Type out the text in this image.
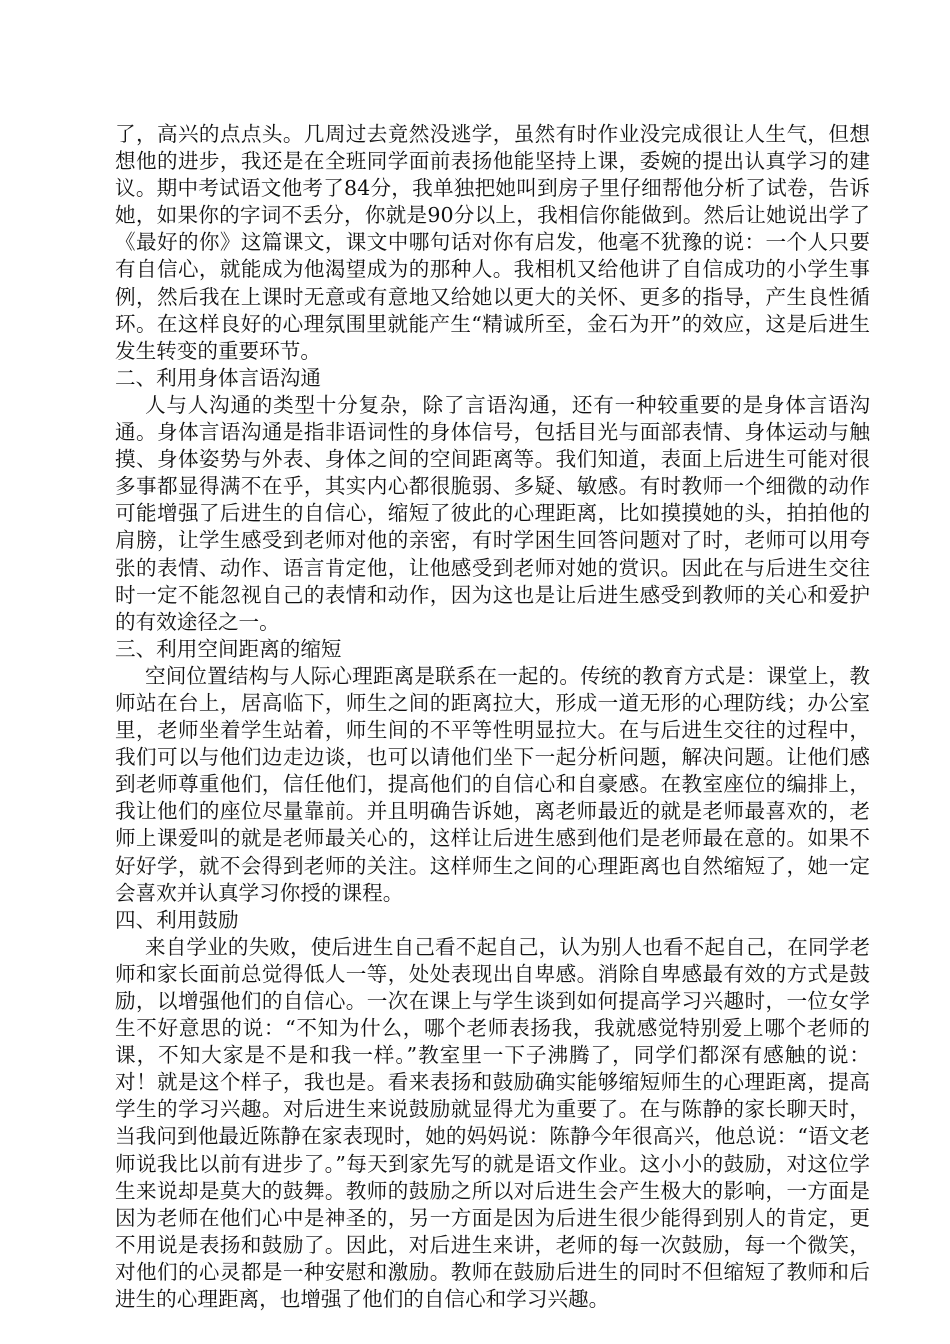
了，高兴的点点头。几周过去竟然没逃学，虽然有时作业没完成很让人生气，但想想他的进步，我还是在全班同学面前表扬他能坚持上课，委婉的提出认真学习的建议。期中考试语文他考了84分，我单独把她叫到房子里仔细帮他分析了试卷，告诉她，如果你的字词不丢分，你就是90分以上，我相信你能做到。然后让她说出学了《最好的你》这篇课文，课文中哪句话对你有启发，他毫不犹豫的说：一个人只要有自信心，就能成为他渴望成为的那种人。我相机又给他讲了自信成功的小学生事例，然后我在上课时无意或有意地又给她以更大的关怀、更多的指导，产生良性循环。在这样良好的心理氛围里就能产生“精诚所至，金石为开”的效应，这是后进生发生转变的重要环节。

二、利用身体言语沟通

人与人沟通的类型十分复杂，除了言语沟通，还有一种较重要的是身体言语沟通。身体言语沟通是指非语词性的身体信号，包括目光与面部表情、身体运动与触摸、身体姿势与外表、身体之间的空间距离等。我们知道，表面上后进生可能对很多事都显得满不在乎，其实内心都很脆弱、多疑、敏感。有时教师一个细微的动作可能增强了后进生的自信心，缩短了彼此的心理距离，比如摸摸她的头，拍拍他的肩膀，让学生感受到老师对他的亲密，有时学困生回答问题对了时，老师可以用夸张的表情、动作、语言肯定他，让他感受到老师对她的赏识。因此在与后进生交往时一定不能忽视自己的表情和动作，因为这也是让后进生感受到教师的关心和爱护的有效途径之一。

三、利用空间距离的缩短

空间位置结构与人际心理距离是联系在一起的。传统的教育方式是：课堂上，教师站在台上，居高临下，师生之间的距离拉大，形成一道无形的心理防线；办公室里，老师坐着学生站着，师生间的不平等性明显拉大。在与后进生交往的过程中，我们可以与他们边走边谈，也可以请他们坐下一起分析问题，解决问题。让他们感到老师尊重他们，信任他们，提高他们的自信心和自豪感。在教室座位的编排上，我让他们的座位尽量靠前。并且明确告诉她，离老师最近的就是老师最喜欢的，老师上课爱叫的就是老师最关心的，这样让后进生感到他们是老师最在意的。如果不好好学，就不会得到老师的关注。这样师生之间的心理距离也自然缩短了，她一定会喜欢并认真学习你授的课程。

四、利用鼓励

来自学业的失败，使后进生自己看不起自己，认为别人也看不起自己，在同学老师和家长面前总觉得低人一等，处处表现出自卑感。消除自卑感最有效的方式是鼓励，以增强他们的自信心。一次在课上与学生谈到如何提高学习兴趣时，一位女学生不好意思的说：“不知为什么，哪个老师表扬我，我就感觉特别爱上哪个老师的课，不知大家是不是和我一样。”教室里一下子沸腾了，同学们都深有感触的说：对！就是这个样子，我也是。看来表扬和鼓励确实能够缩短师生的心理距离，提高学生的学习兴趣。对后进生来说鼓励就显得尤为重要了。在与陈静的家长聊天时，当我问到他最近陈静在家表现时，她的妈妈说：陈静今年很高兴，他总说：“语文老师说我比以前有进步了。”每天到家先写的就是语文作业。这小小的鼓励，对这位学生来说却是莫大的鼓舞。教师的鼓励之所以对后进生会产生极大的影响，一方面是因为老师在他们心中是神圣的，另一方面是因为后进生很少能得到别人的肯定，更不用说是表扬和鼓励了。因此，对后进生来讲，老师的每一次鼓励，每一个微笑，对他们的心灵都是一种安慰和激励。教师在鼓励后进生的同时不但缩短了教师和后进生的心理距离，也增强了他们的自信心和学习兴趣。
